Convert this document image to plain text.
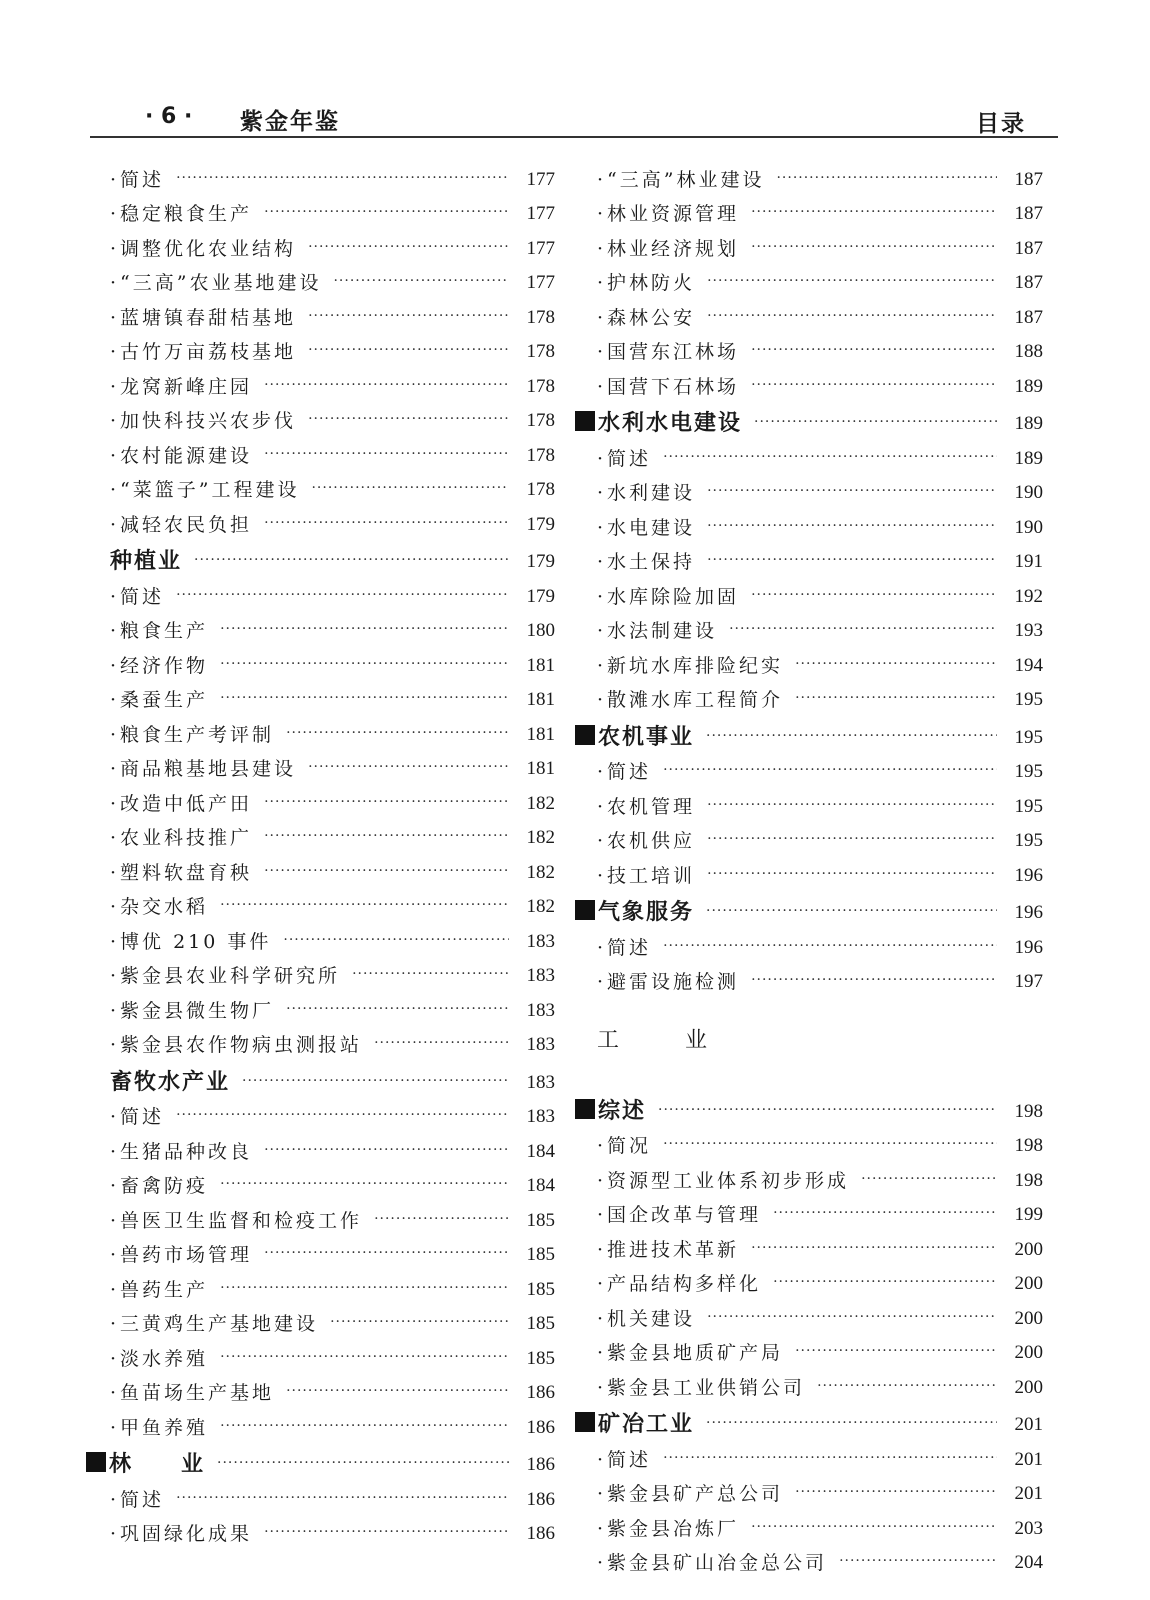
· 6 · 紫金年鉴	目录
· 简述 ·····	177
· 稳定粮食生产 ·····	177
· 调整优化农业结构 ·····	177
· “三高”农业基地建设 ·····	177
· 蓝塘镇春甜桔基地 ·····	178
· 古竹万亩荔枝基地 ·····	178
· 龙窝新峰庄园 ·····	178
· 加快科技兴农步伐 ·····	178
· 农村能源建设 ·····	178
· “菜篮子”工程建设 ·····	178
· 减轻农民负担 ·····	179
种植业 ·····	179
· 简述 ·····	179
· 粮食生产 ·····	180
· 经济作物 ·····	181
· 桑蚕生产 ·····	181
· 粮食生产考评制 ·····	181
· 商品粮基地县建设 ·····	181
· 改造中低产田 ·····	182
· 农业科技推广 ·····	182
· 塑料软盘育秧 ·····	182
· 杂交水稻 ·····	182
· 博优 210 事件 ·····	183
· 紫金县农业科学研究所 ·····	183
· 紫金县微生物厂 ·····	183
· 紫金县农作物病虫测报站 ·····	183
畜牧水产业 ·····	183
· 简述 ·····	183
· 生猪品种改良 ·····	184
· 畜禽防疫 ·····	184
· 兽医卫生监督和检疫工作 ·····	185
· 兽药市场管理 ·····	185
· 兽药生产 ·····	185
· 三黄鸡生产基地建设 ·····	185
· 淡水养殖 ·····	185
· 鱼苗场生产基地 ·····	186
· 甲鱼养殖 ·····	186
林　　业 ·····	186
· 简述 ·····	186
· 巩固绿化成果 ·····	186
· “三高”林业建设 ·····	187
· 林业资源管理 ·····	187
· 林业经济规划 ·····	187
· 护林防火 ·····	187
· 森林公安 ·····	187
· 国营东江林场 ·····	188
· 国营下石林场 ·····	189
水利水电建设 ·····	189
· 简述 ·····	189
· 水利建设 ·····	190
· 水电建设 ·····	190
· 水土保持 ·····	191
· 水库除险加固 ·····	192
· 水法制建设 ·····	193
· 新坑水库排险纪实 ·····	194
· 散滩水库工程简介 ·····	195
农机事业 ·····	195
· 简述 ·····	195
· 农机管理 ·····	195
· 农机供应 ·····	195
· 技工培训 ·····	196
气象服务 ·····	196
· 简述 ·····	196
· 避雷设施检测 ·····	197
工　　　业
综述 ·····	198
· 简况 ·····	198
· 资源型工业体系初步形成 ·····	198
· 国企改革与管理 ·····	199
· 推进技术革新 ·····	200
· 产品结构多样化 ·····	200
· 机关建设 ·····	200
· 紫金县地质矿产局 ·····	200
· 紫金县工业供销公司 ·····	200
矿冶工业 ·····	201
· 简述 ·····	201
· 紫金县矿产总公司 ·····	201
· 紫金县冶炼厂 ·····	203
· 紫金县矿山冶金总公司 ·····	204
